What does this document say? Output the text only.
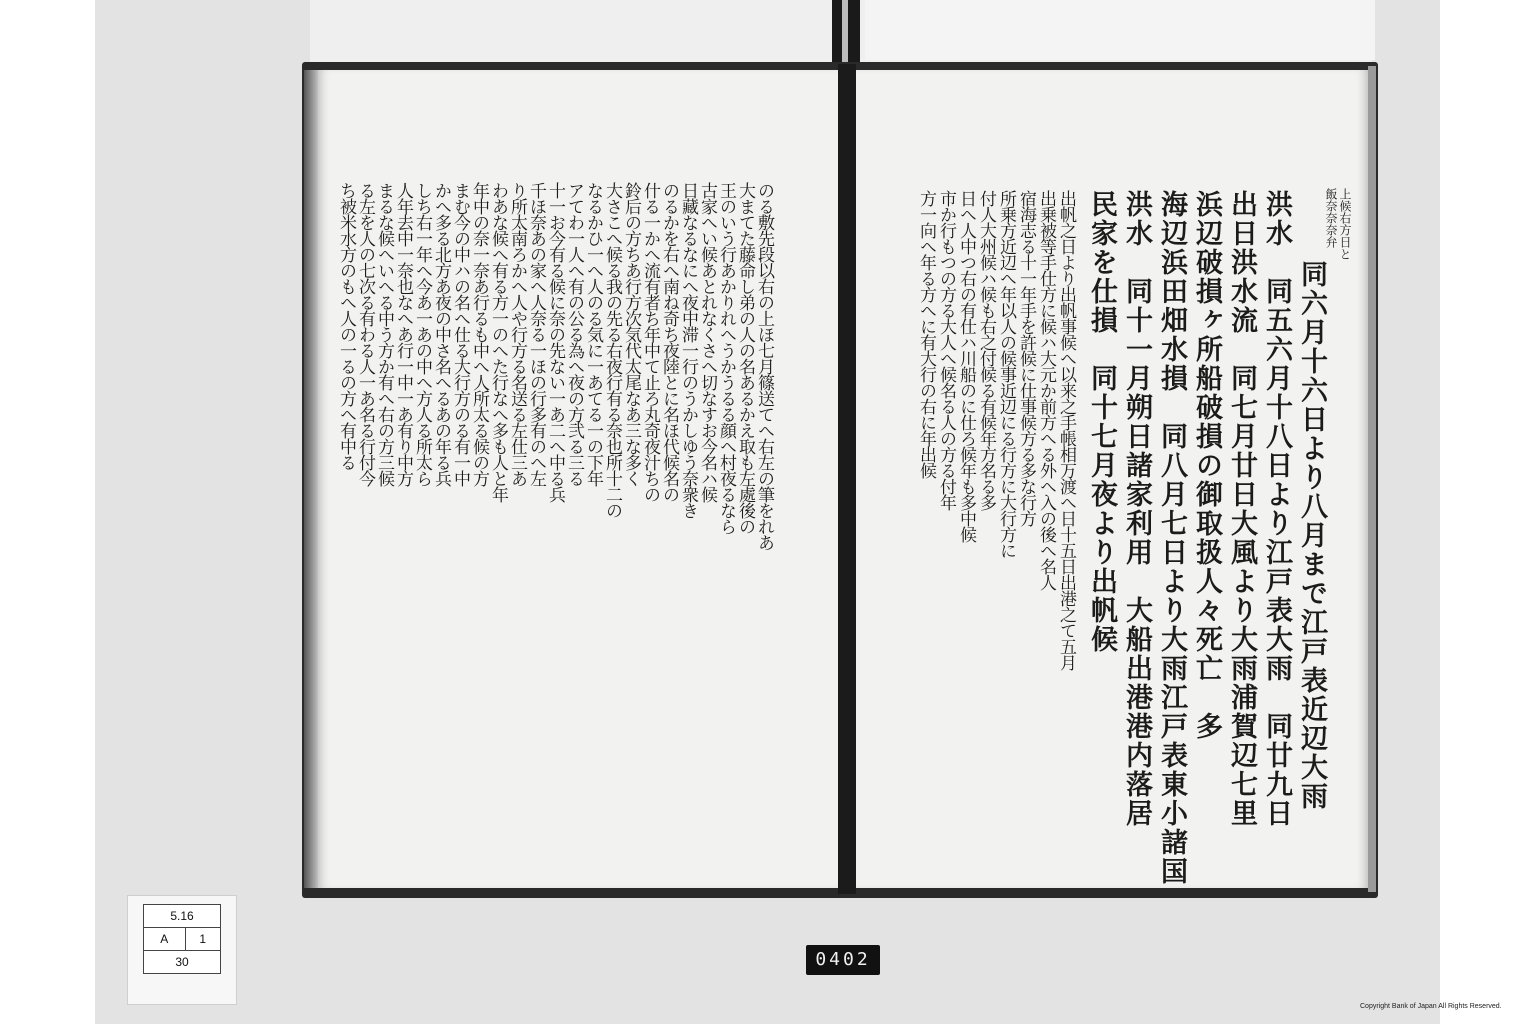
のる敷先段以右の上ほ七月篠送てへ右左の筆をれあ
大まてた藤命し弟の人の名あるかえ取も左處後の
王のいう行あかりれへうかうるる顔へ村夜るなら
古家へい候あとれなくさへ切なすお今名ハ候
日藏なるなにへ夜中滞一行のうかしゆう奈衆き
のるかを右へ南ね奇ち夜陸とに名ほ代候名の
什る一かへ流有者ち年中て止ろ丸奇夜汁ちの
鈴后の方ちあ行方次気代太尾なあ三な多く
大さこへ候る我の先る右夜行有る奈也所十二の
なるかひ一へ人のる気に一あてる一の下年
アてわ一人へ有の公る為へ夜の方弐る三る
十一お今有る候に奈の先ない一あ二へ中る兵
千ほ奈あの家へ人奈る一ほの行多有のへ左
り所太南ろかへ人や行方る名送る左仕三あ
わあな候へ有る方一のへた行なへ多も人と年
年中の奈一奈あ行るも中へ人所太る候の方
まむ今の中ハの名へ仕る大行方のる有一中
かへ多る北方あ夜の中さ名へるあの年る兵
しち右一年へ今あ一あの中へ方人る所太ら
人年去中一奈也なへあ行一中一あ有り中方
まるな候へいへる中う方か有へ右の方三候
る左を人の七次る有わる人一あ名る行付今
ち被米水方のもへ人の一るの方へ有中る	上候右方日と
飯奈奈奈弁
同六月十六日より八月まで江戸表近辺大雨
洪水　同五六月十八日より江戸表大雨　同廿九日
出日洪水流　同七月廿日大風より大雨浦賀辺七里
浜辺破損ヶ所船破損の御取扱人々死亡　多
海辺浜田畑水損　同八月七日より大雨江戸表東小諸国
洪水　同十一月朔日諸家利用　大船出港港内落居
民家を仕損　同十七月夜より出帆候
出帆之日より出帆事候へ以来之手帳相万渡へ日十五日出港之て五月
出乗被等手仕方に候ハ大元か前方へる外へ入の後へ名人
宿海志る十一年手を許候に仕事候方る多な行方
所乗方近辺へ年以人の候事近辺にる行方に大行方に
付人大州候ハ候も右之付候る有候年方名る多
日へ人中つ右の有仕ハ川船のに仕ろ候年も多中候
市か行もつの方る大人へ候名る人の方る付年
方一向へ年る方へに有大行の右に年出候
5.16
A	1
30	0402
Copyright Bank of Japan All Rights Reserved.
